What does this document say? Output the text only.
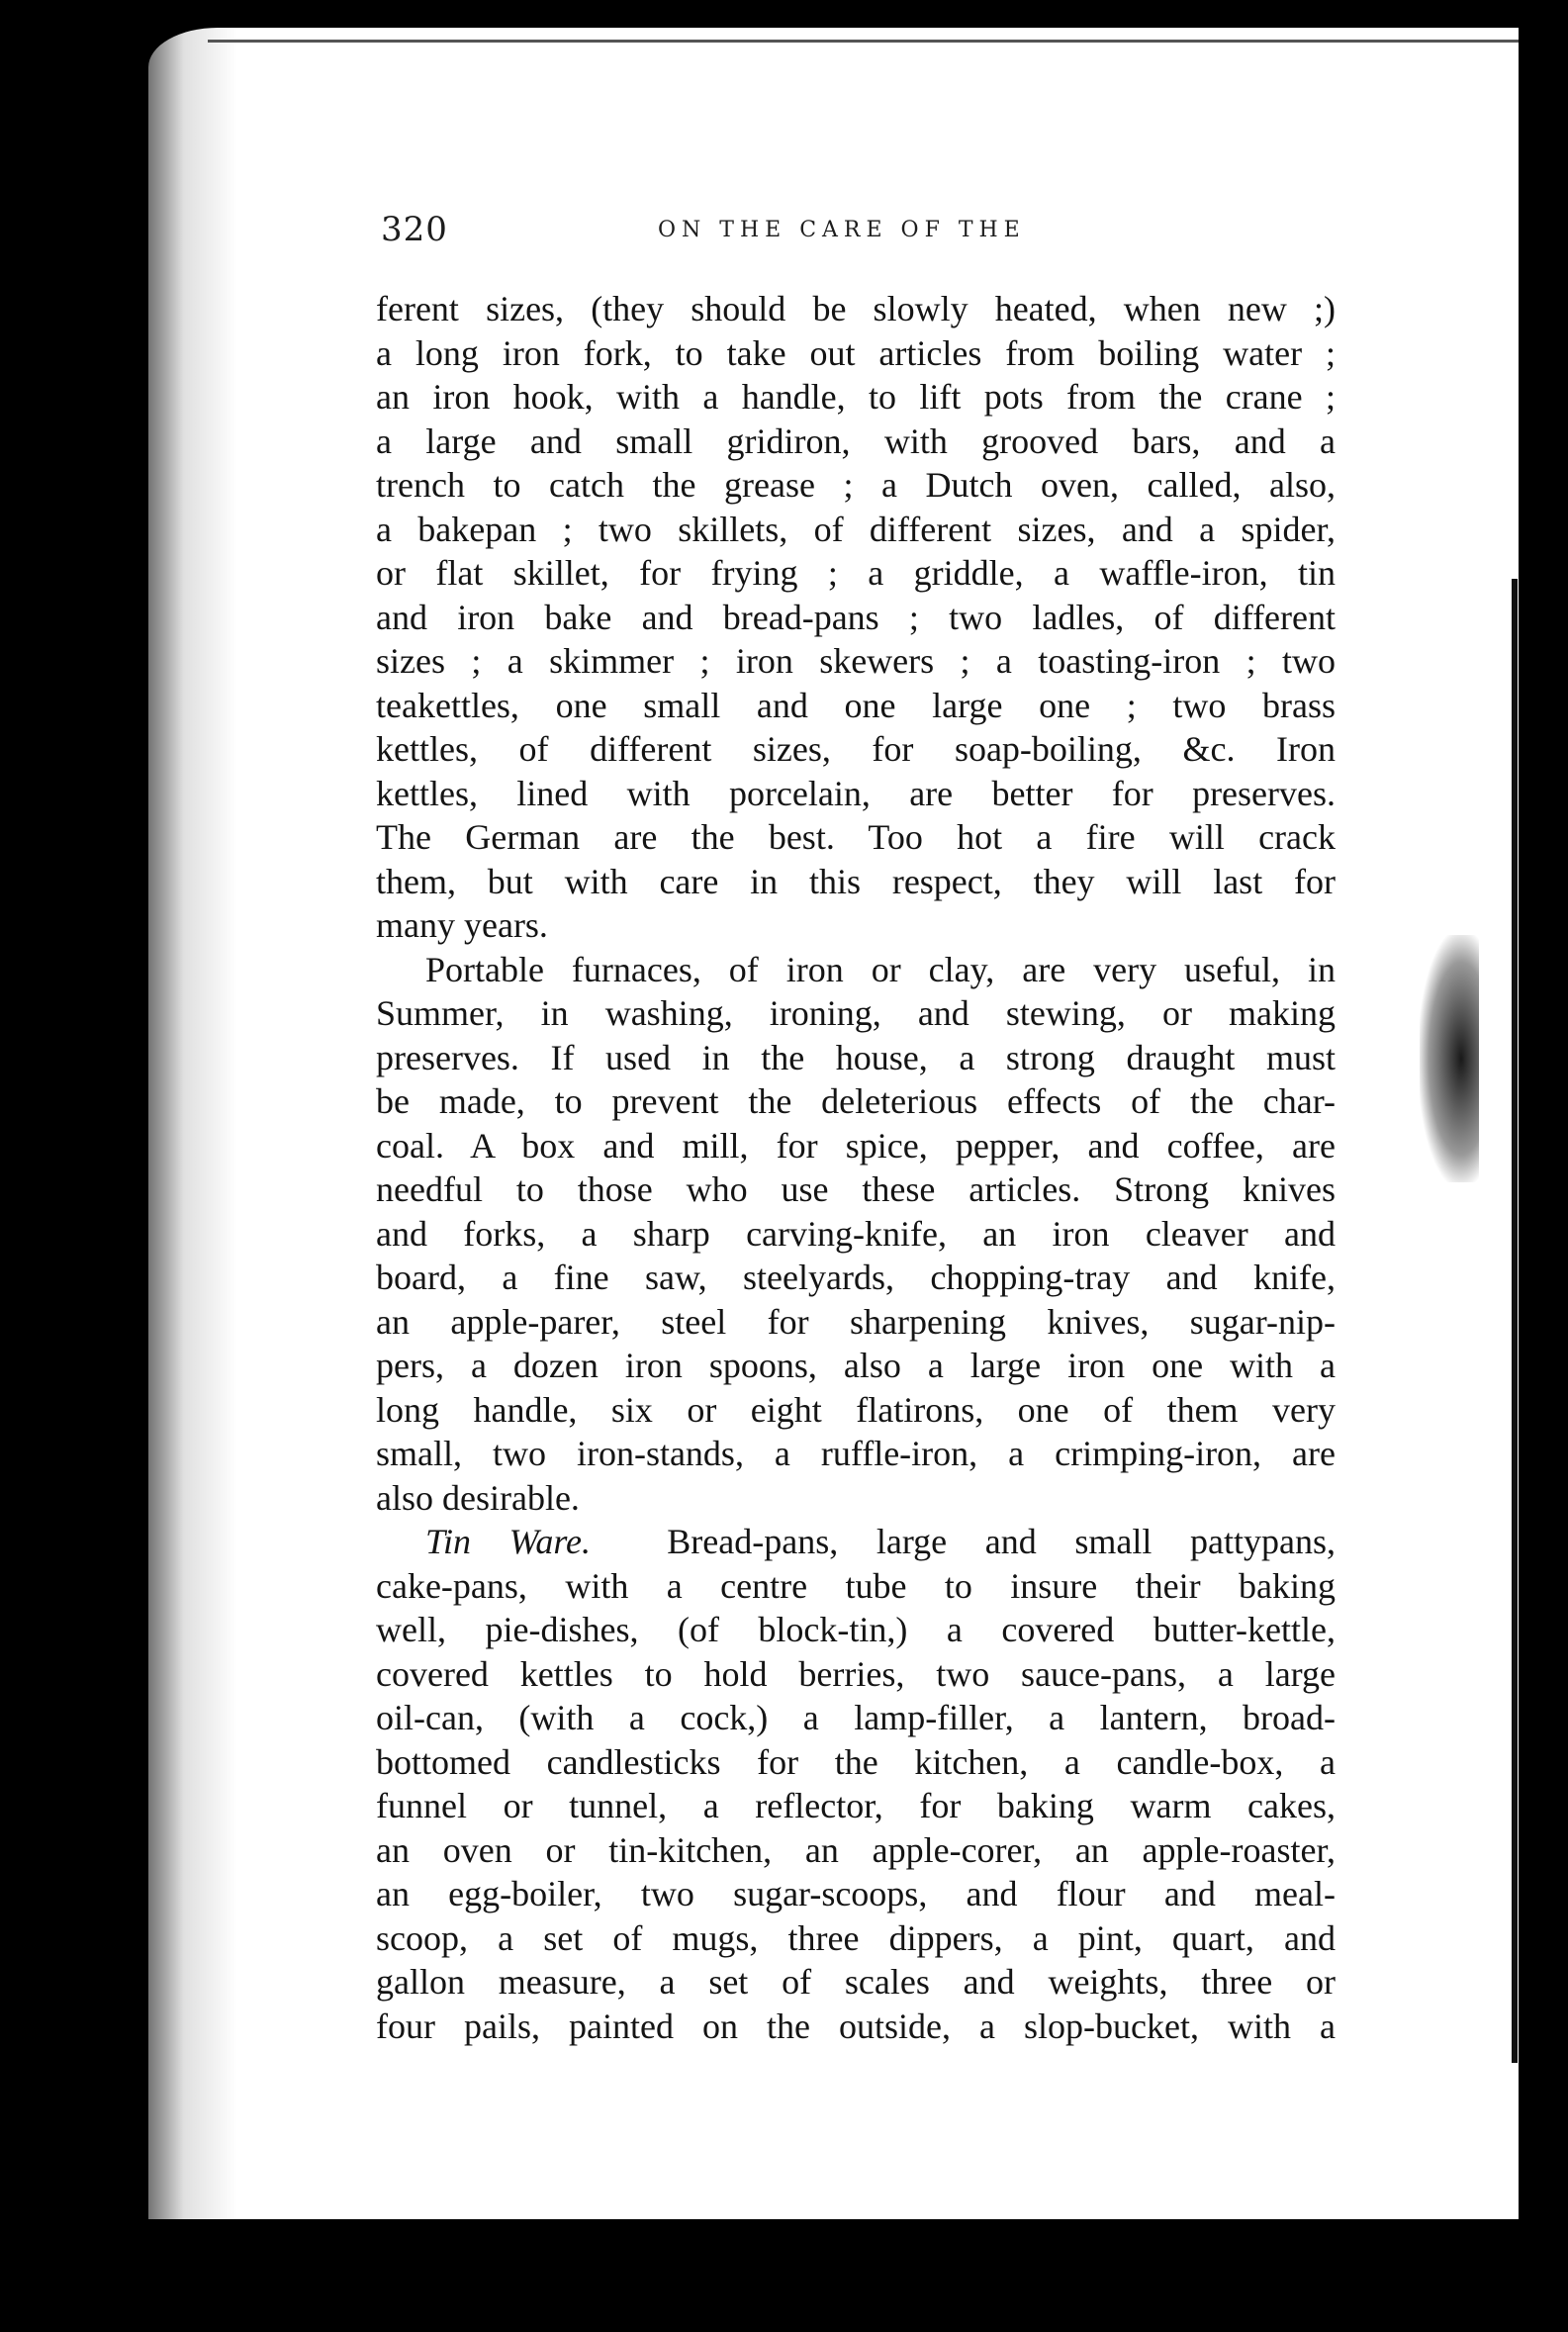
320	ON THE CARE OF THE
ferent sizes, (they should be slowly heated, when new ;)
a long iron fork, to take out articles from boiling water ;
an iron hook, with a handle, to lift pots from the crane ;
a large and small gridiron, with grooved bars, and a
trench to catch the grease ; a Dutch oven, called, also,
a bakepan ; two skillets, of different sizes, and a spider,
or flat skillet, for frying ; a griddle, a waffle-iron, tin
and iron bake and bread-pans ; two ladles, of different
sizes ; a skimmer ; iron skewers ; a toasting-iron ; two
teakettles, one small and one large one ; two brass
kettles, of different sizes, for soap-boiling, &c. Iron
kettles, lined with porcelain, are better for preserves.
The German are the best. Too hot a fire will crack
them, but with care in this respect, they will last for
many years.
Portable furnaces, of iron or clay, are very useful, in
Summer, in washing, ironing, and stewing, or making
preserves. If used in the house, a strong draught must
be made, to prevent the deleterious effects of the char-
coal. A box and mill, for spice, pepper, and coffee, are
needful to those who use these articles. Strong knives
and forks, a sharp carving-knife, an iron cleaver and
board, a fine saw, steelyards, chopping-tray and knife,
an apple-parer, steel for sharpening knives, sugar-nip-
pers, a dozen iron spoons, also a large iron one with a
long handle, six or eight flatirons, one of them very
small, two iron-stands, a ruffle-iron, a crimping-iron, are
also desirable.
Tin Ware. Bread-pans, large and small pattypans,
cake-pans, with a centre tube to insure their baking
well, pie-dishes, (of block-tin,) a covered butter-kettle,
covered kettles to hold berries, two sauce-pans, a large
oil-can, (with a cock,) a lamp-filler, a lantern, broad-
bottomed candlesticks for the kitchen, a candle-box, a
funnel or tunnel, a reflector, for baking warm cakes,
an oven or tin-kitchen, an apple-corer, an apple-roaster,
an egg-boiler, two sugar-scoops, and flour and meal-
scoop, a set of mugs, three dippers, a pint, quart, and
gallon measure, a set of scales and weights, three or
four pails, painted on the outside, a slop-bucket, with a
